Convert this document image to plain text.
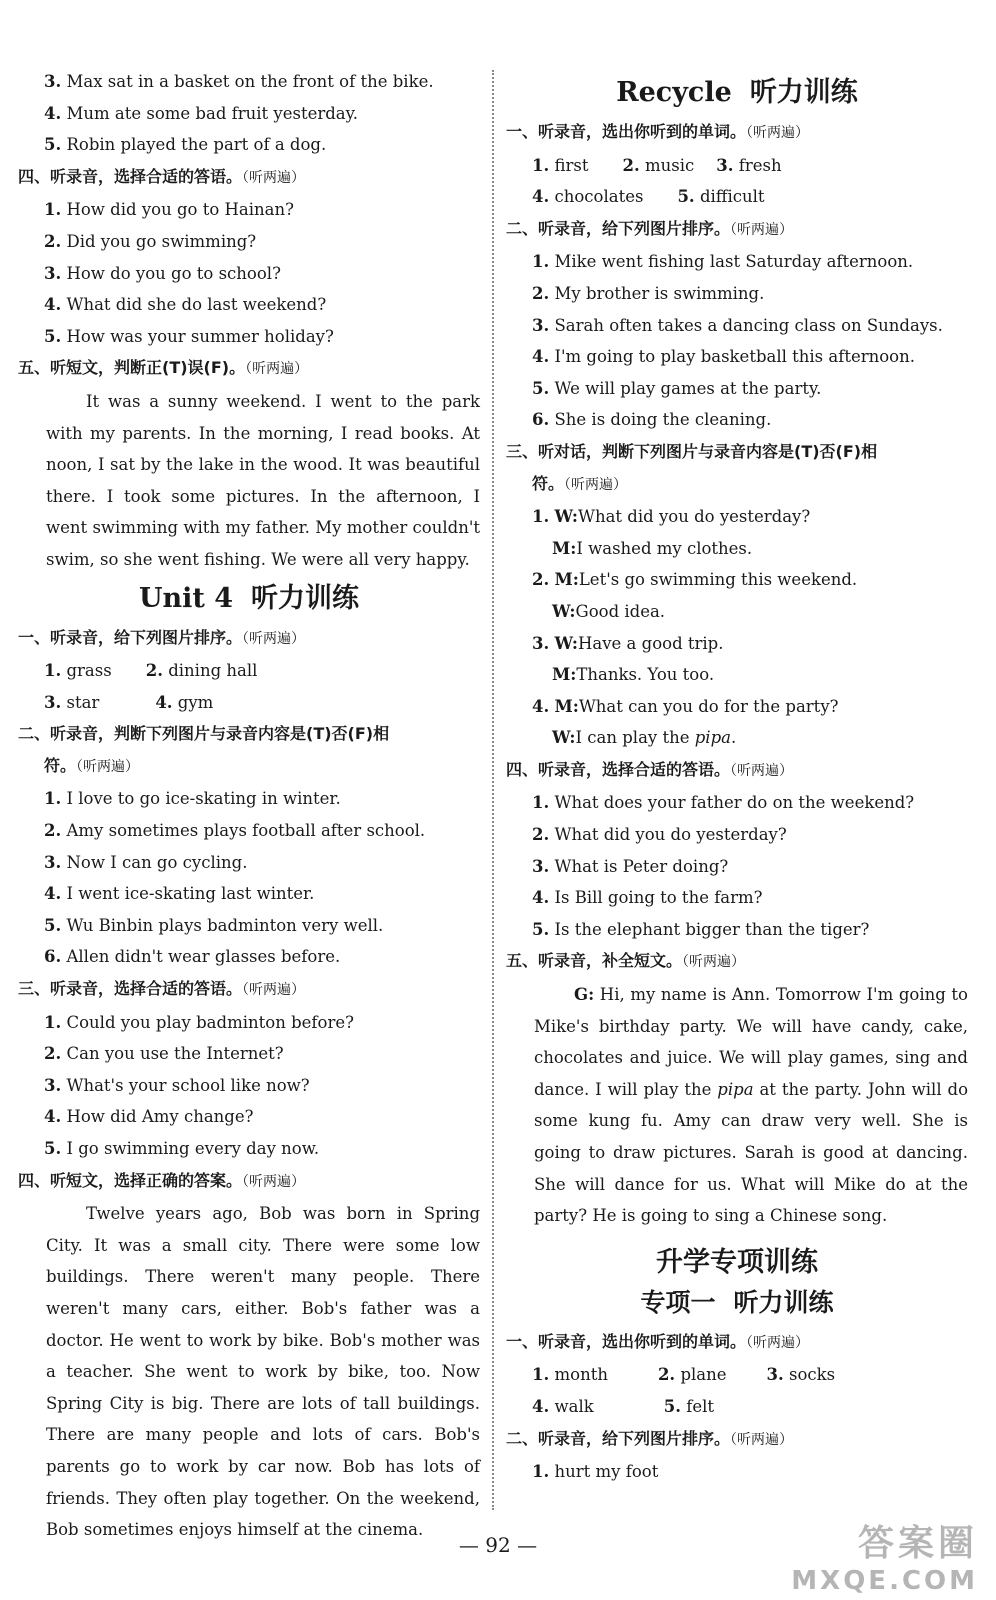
3. Max sat in a basket on the front of the bike.
4. Mum ate some bad fruit yesterday.
5. Robin played the part of a dog.
四、听录音，选择合适的答语。（听两遍）
1. How did you go to Hainan?
2. Did you go swimming?
3. How do you go to school?
4. What did she do last weekend?
5. How was your summer holiday?
五、听短文，判断正(T)误(F)。（听两遍）

It was a sunny weekend. I went to the park with my parents. In the morning, I read books. At noon, I sat by the lake in the wood. It was beautiful there. I took some pictures. In the afternoon, I went swimming with my father. My mother couldn't swim, so she went fishing. We were all very happy.

Unit 4 听力训练
一、听录音，给下列图片排序。（听两遍）
1. grass 2. dining hall
3. star	4. gym
二、听录音，判断下列图片与录音内容是(T)否(F)相
符。（听两遍）
1. I love to go ice-skating in winter.
2. Amy sometimes plays football after school.
3. Now I can go cycling.
4. I went ice-skating last winter.
5. Wu Binbin plays badminton very well.
6. Allen didn't wear glasses before.
三、听录音，选择合适的答语。（听两遍）
1. Could you play badminton before?
2. Can you use the Internet?
3. What's your school like now?
4. How did Amy change?
5. I go swimming every day now.
四、听短文，选择正确的答案。（听两遍）

Twelve years ago, Bob was born in Spring City. It was a small city. There were some low buildings. There weren't many people. There weren't many cars, either. Bob's father was a doctor. He went to work by bike. Bob's mother was a teacher. She went to work by bike, too. Now Spring City is big. There are lots of tall buildings. There are many people and lots of cars. Bob's parents go to work by car now. Bob has lots of friends. They often play together. On the weekend, Bob sometimes enjoys himself at the cinema.

Recycle 听力训练
一、听录音，选出你听到的单词。（听两遍）
1. first 2. music 3. fresh
4. chocolates 5. difficult
二、听录音，给下列图片排序。（听两遍）
1. Mike went fishing last Saturday afternoon.
2. My brother is swimming.
3. Sarah often takes a dancing class on Sundays.
4. I'm going to play basketball this afternoon.
5. We will play games at the party.
6. She is doing the cleaning.
三、听对话，判断下列图片与录音内容是(T)否(F)相
符。（听两遍）
1. W:What did you do yesterday?
M:I washed my clothes.
2. M:Let's go swimming this weekend.
W:Good idea.
3. W:Have a good trip.
M:Thanks. You too.
4. M:What can you do for the party?
W:I can play the pipa.
四、听录音，选择合适的答语。（听两遍）
1. What does your father do on the weekend?
2. What did you do yesterday?
3. What is Peter doing?
4. Is Bill going to the farm?
5. Is the elephant bigger than the tiger?
五、听录音，补全短文。（听两遍）

G: Hi, my name is Ann. Tomorrow I'm going to Mike's birthday party. We will have candy, cake, chocolates and juice. We will play games, sing and dance. I will play the pipa at the party. John will do some kung fu. Amy can draw very well. She is going to draw pictures. Sarah is good at dancing. She will dance for us. What will Mike do at the party? He is going to sing a Chinese song.

升学专项训练
专项一 听力训练
一、听录音，选出你听到的单词。（听两遍）
1. month	2. plane 3. socks
4. walk	5. felt
二、听录音，给下列图片排序。（听两遍）
1. hurt my foot
— 92 —	答案圈
MXQE.COM
